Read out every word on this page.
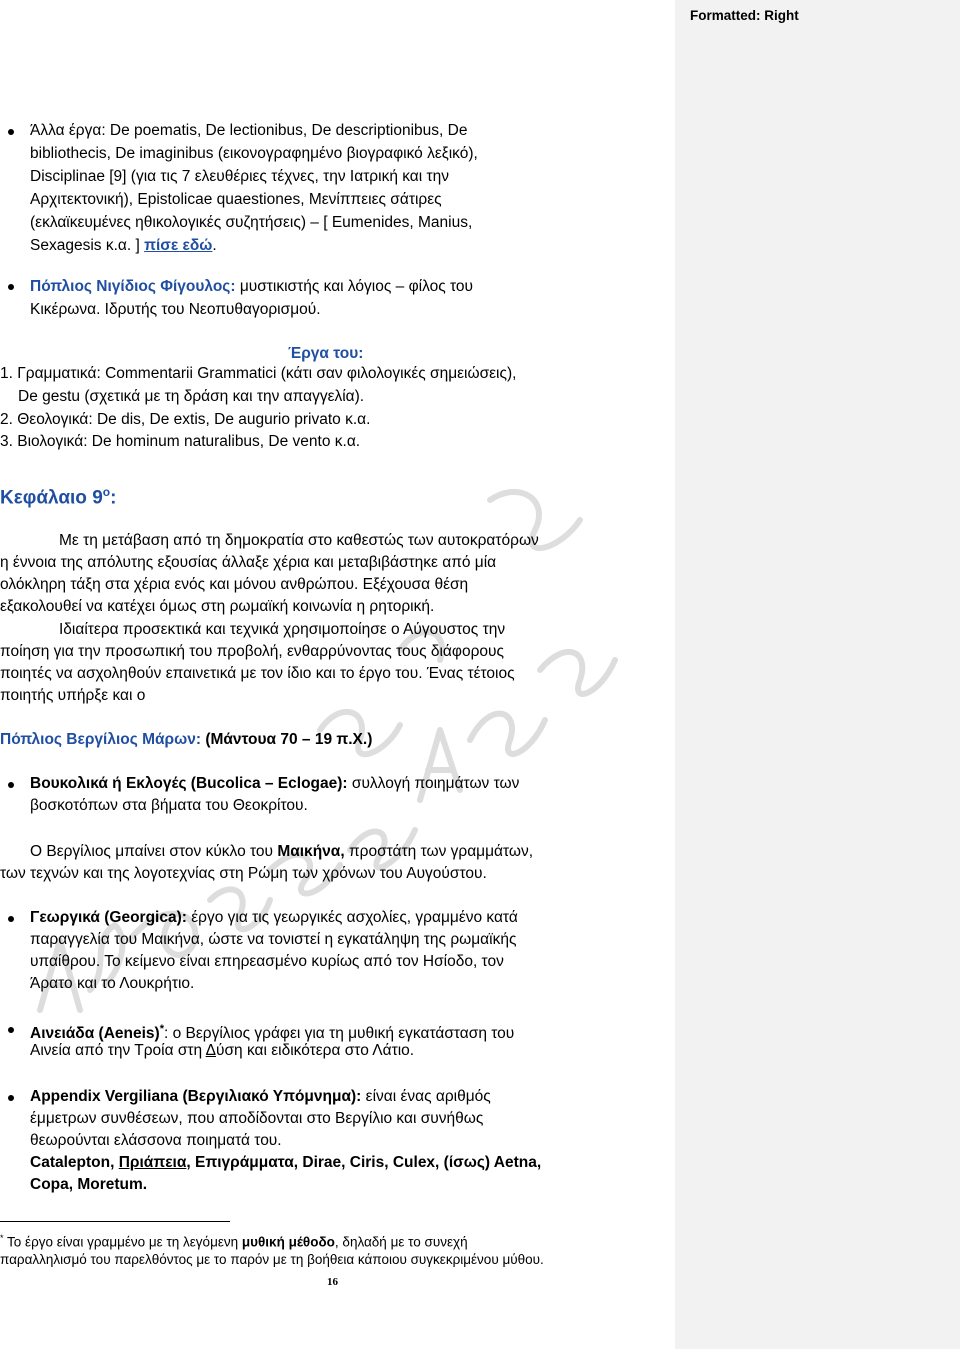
Formatted: Right
Άλλα έργα: De poematis, De lectionibus, De descriptionibus, De
bibliothecis, De imaginibus (εικονογραφημένο βιογραφικό λεξικό),
Disciplinae [9] (για τις 7 ελευθέριες τέχνες, την Ιατρική και την
Αρχιτεκτονική), Epistolicae quaestiones, Μενίππειες σάτιρες
(εκλαϊκευμένες ηθικολογικές συζητήσεις) – [ Eumenides, Manius,
Sexagesis κ.α. ] πίσε εδώ.
Πόπλιος Νιγίδιος Φίγουλος: μυστικιστής και λόγιος – φίλος του
Κικέρωνα. Ιδρυτής του Νεοπυθαγορισμού.
Έργα του:
1. Γραμματικά: Commentarii Grammatici (κάτι σαν φιλολογικές σημειώσεις),
De gestu (σχετικά με τη δράση και την απαγγελία).
2. Θεολογικά: De dis, De extis, De augurio privato κ.α.
3. Βιολογικά: De hominum naturalibus, De vento κ.α.
Κεφάλαιο $9^o$:
Με τη μετάβαση από τη δημοκρατία στο καθεστώς των αυτοκρατόρων
η έννοια της απόλυτης εξουσίας άλλαξε χέρια και μεταβιβάστηκε από μία
ολόκληρη τάξη στα χέρια ενός και μόνου ανθρώπου. Εξέχουσα θέση
εξακολουθεί να κατέχει όμως στη ρωμαϊκή κοινωνία η ρητορική.
Ιδιαίτερα προσεκτικά και τεχνικά χρησιμοποίησε ο Αύγουστος την
ποίηση για την προσωπική του προβολή, ενθαρρύνοντας τους διάφορους
ποιητές να ασχοληθούν επαινετικά με τον ίδιο και το έργο του. Ένας τέτοιος
ποιητής υπήρξε και ο
Πόπλιος Βεργίλιος Μάρων: (Μάντουα 70 – 19 π.Χ.)
Βουκολικά ή Εκλογές (Bucolica – Eclogae): συλλογή ποιημάτων των
βοσκοτόπων στα βήματα του Θεοκρίτου.
Ο Βεργίλιος μπαίνει στον κύκλο του Μαικήνα, προστάτη των γραμμάτων,
των τεχνών και της λογοτεχνίας στη Ρώμη των χρόνων του Αυγούστου.
Γεωργικά (Georgica): έργο για τις γεωργικές ασχολίες, γραμμένο κατά
παραγγελία του Μαικήνα, ώστε να τονιστεί η εγκατάληψη της ρωμαϊκής
υπαίθρου. Το κείμενο είναι επηρεασμένο κυρίως από τον Ησίοδο, τον
Άρατο και το Λουκρήτιο.
Αινειάδα (Aeneis)*: ο Βεργίλιος γράφει για τη μυθική εγκατάσταση του
Αινεία από την Τροία στη Δύση και ειδικότερα στο Λάτιο.
Appendix Vergiliana (Βεργιλιακό Υπόμνημα): είναι ένας αριθμός
έμμετρων συνθέσεων, που αποδίδονται στο Βεργίλιο και συνήθως
θεωρούνται ελάσσονα ποιηματά του.
Catalepton, Πριάπεια, Επιγράμματα, Dirae, Ciris, Culex, (ίσως) Aetna,
Copa, Moretum.
* Το έργο είναι γραμμένο με τη λεγόμενη μυθική μέθοδο, δηλαδή με το συνεχή
παραλληλισμό του παρελθόντος με το παρόν με τη βοήθεια κάποιου συγκεκριμένου μύθου.
16
